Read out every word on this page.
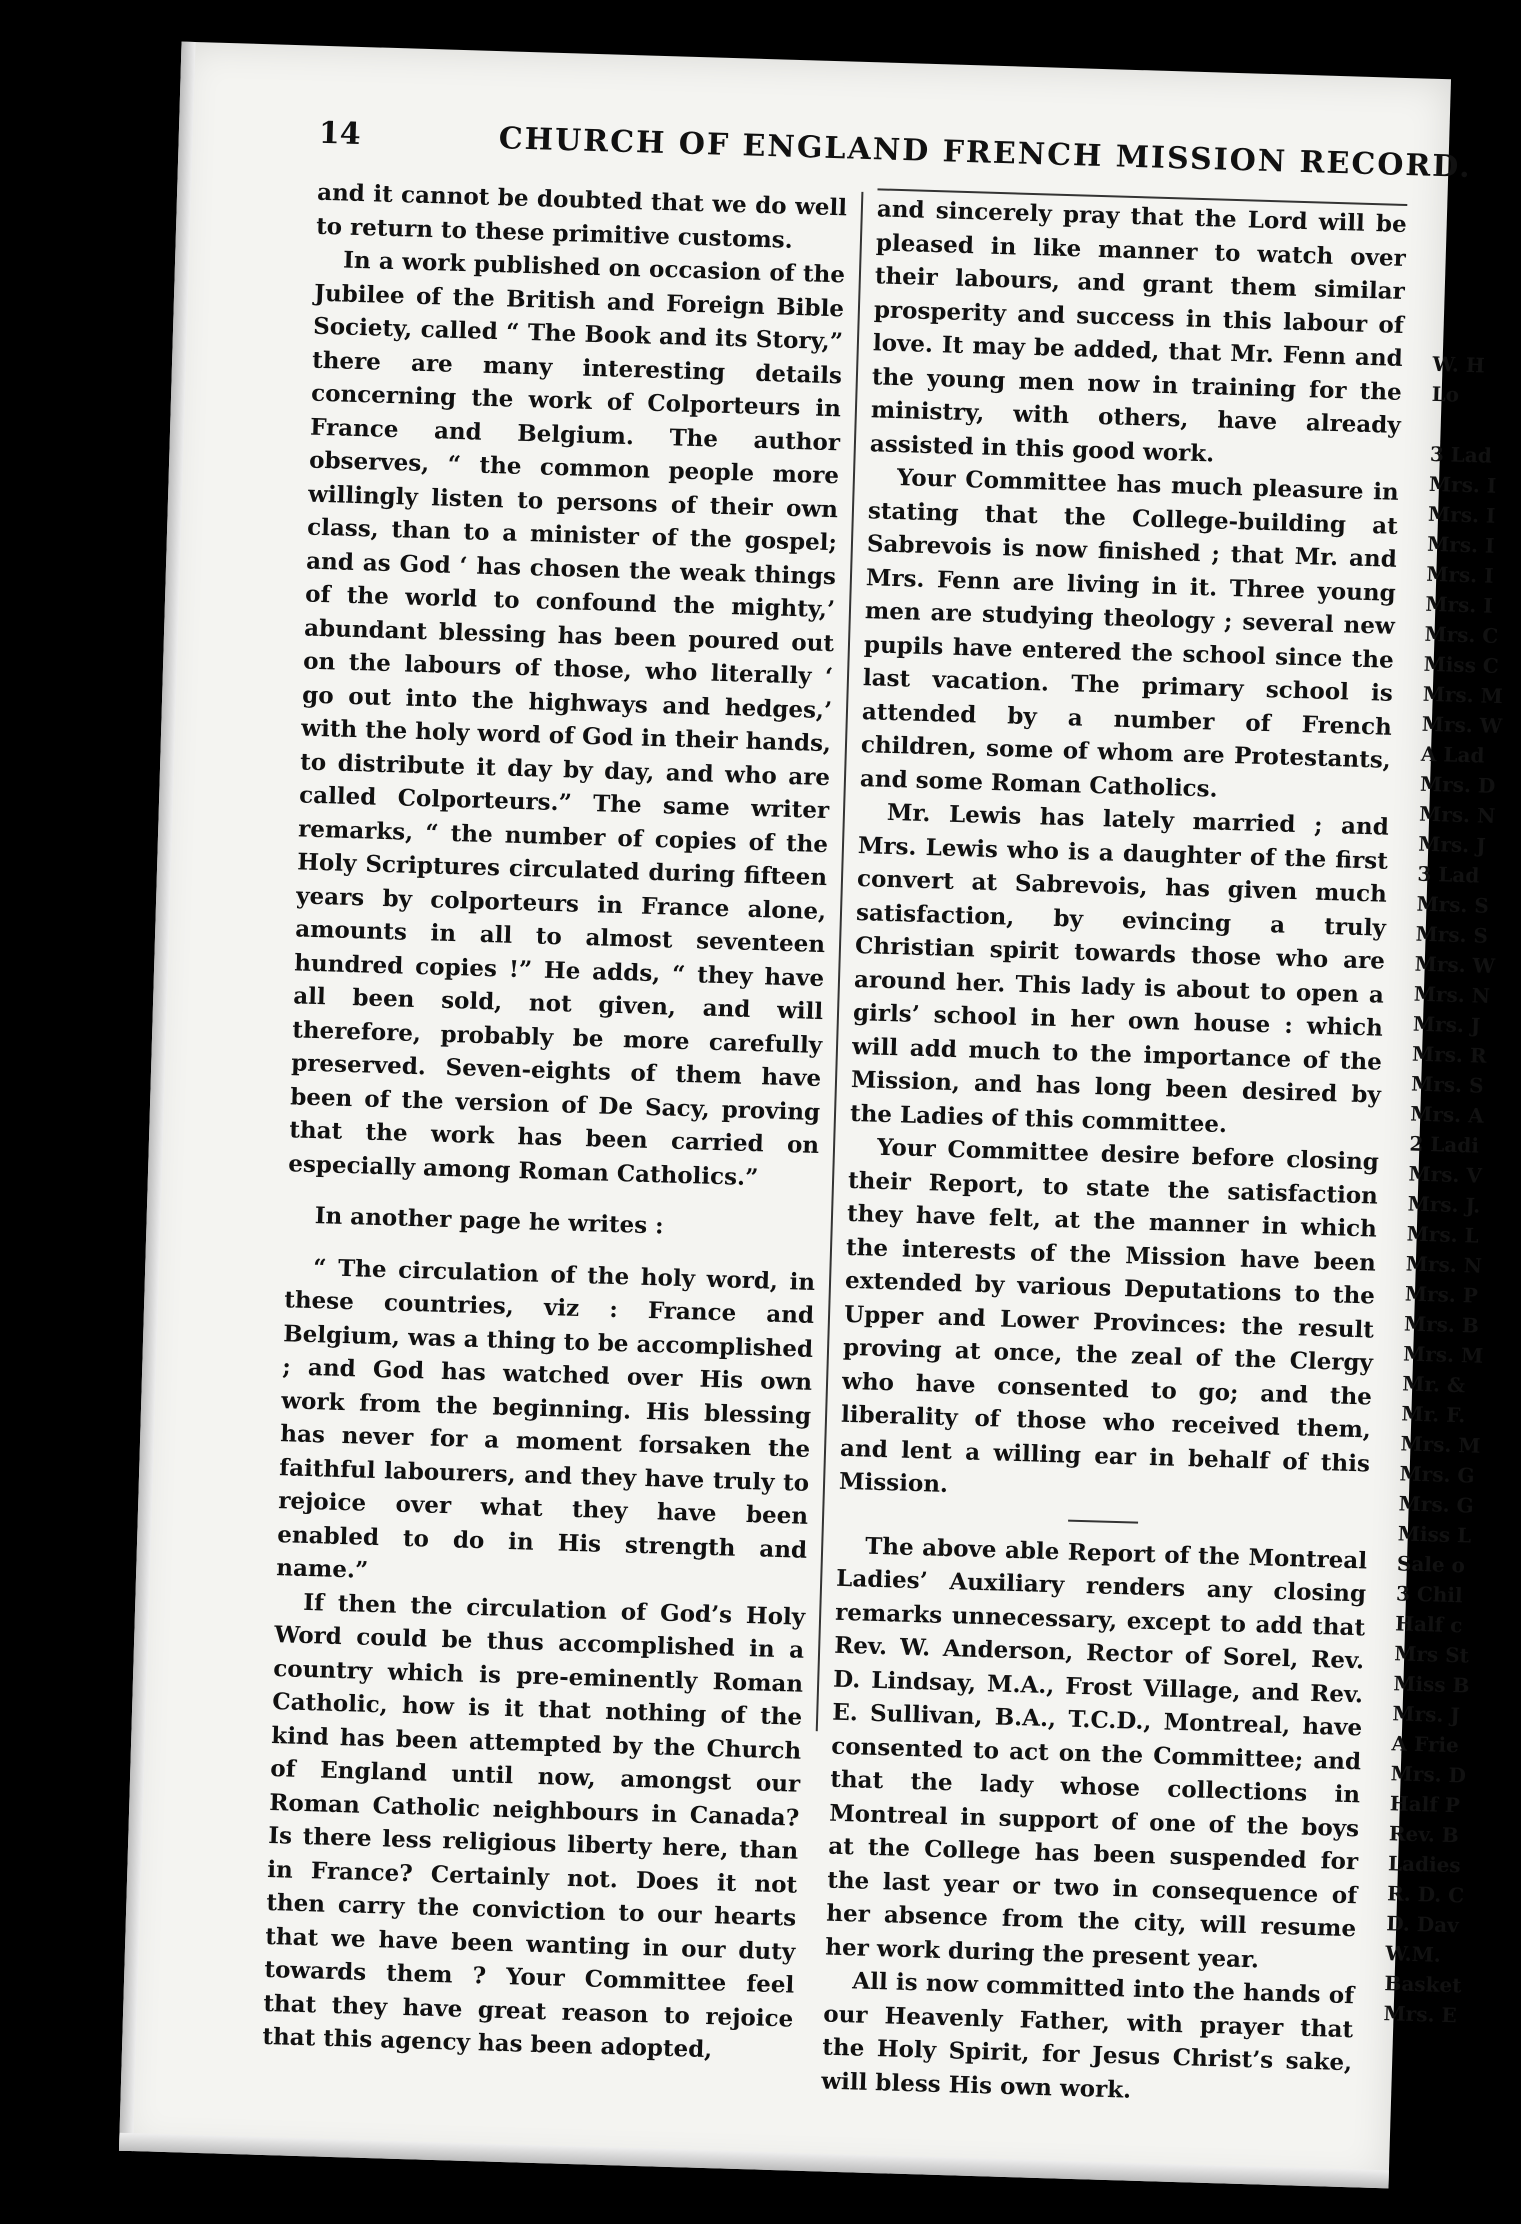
14	CHURCH OF ENGLAND FRENCH MISSION RECORD.

and it cannot be doubted that we do well to return to these primitive customs.

In a work published on occasion of the Jubilee of the British and Foreign Bible Society, called “ The Book and its Story,” there are many interesting details concerning the work of Colporteurs in France and Belgium. The author observes, “ the common people more willingly listen to persons of their own class, than to a minister of the gospel; and as God ‘ has chosen the weak things of the world to confound the mighty,’ abundant blessing has been poured out on the labours of those, who literally ‘ go out into the highways and hedges,’ with the holy word of God in their hands, to distribute it day by day, and who are called Colporteurs.” The same writer remarks, “ the number of copies of the Holy Scriptures circulated during fifteen years by colporteurs in France alone, amounts in all to almost seventeen hundred copies !” He adds, “ they have all been sold, not given, and will therefore, probably be more carefully preserved. Seven-eights of them have been of the version of De Sacy, proving that the work has been carried on especially among Roman Catholics.”

In another page he writes :

“ The circulation of the holy word, in these countries, viz : France and Belgium, was a thing to be accomplished ; and God has watched over His own work from the beginning. His blessing has never for a moment forsaken the faithful labourers, and they have truly to rejoice over what they have been enabled to do in His strength and name.”

If then the circulation of God’s Holy Word could be thus accomplished in a country which is pre-eminently Roman Catholic, how is it that nothing of the kind has been attempted by the Church of England until now, amongst our Roman Catholic neighbours in Canada? Is there less religious liberty here, than in France? Certainly not. Does it not then carry the conviction to our hearts that we have been wanting in our duty towards them ? Your Committee feel that they have great reason to rejoice that this agency has been adopted,

and sincerely pray that the Lord will be pleased in like manner to watch over their labours, and grant them similar prosperity and success in this labour of love. It may be added, that Mr. Fenn and the young men now in training for the ministry, with others, have already assisted in this good work.

Your Committee has much pleasure in stating that the College-building at Sabrevois is now finished ; that Mr. and Mrs. Fenn are living in it. Three young men are studying theology ; several new pupils have entered the school since the last vacation. The primary school is attended by a number of French children, some of whom are Protestants, and some Roman Catholics.

Mr. Lewis has lately married ; and Mrs. Lewis who is a daughter of the first convert at Sabrevois, has given much satisfaction, by evincing a truly Christian spirit towards those who are around her. This lady is about to open a girls’ school in her own house : which will add much to the importance of the Mission, and has long been desired by the Ladies of this committee.

Your Committee desire before closing their Report, to state the satisfaction they have felt, at the manner in which the interests of the Mission have been extended by various Deputations to the Upper and Lower Provinces: the result proving at once, the zeal of the Clergy who have consented to go; and the liberality of those who received them, and lent a willing ear in behalf of this Mission.

The above able Report of the Montreal Ladies’ Auxiliary renders any closing remarks unnecessary, except to add that Rev. W. Anderson, Rector of Sorel, Rev. D. Lindsay, M.A., Frost Village, and Rev. E. Sullivan, B.A., T.C.D., Montreal, have consented to act on the Committee; and that the lady whose collections in Montreal in support of one of the boys at the College has been suspended for the last year or two in consequence of her absence from the city, will resume her work during the present year.

All is now committed into the hands of our Heavenly Father, with prayer that the Holy Spirit, for Jesus Christ’s sake, will bless His own work.

W. H
Lo
3 Lad
Mrs. I
Mrs. I
Mrs. I
Mrs. I
Mrs. I
Mrs. C
Miss C
Mrs. M
Mrs. W
A Lad
Mrs. D
Mrs. N
Mrs. J
3 Lad
Mrs. S
Mrs. S
Mrs. W
Mrs. N
Mrs. J
Mrs. R
Mrs. S
Mrs. A
2 Ladi
Mrs. V
Mrs. J.
Mrs. L
Mrs. N
Mrs. P
Mrs. B
Mrs. M
Mr. &
Mr. F.
Mrs. M
Mrs. G
Mrs. G
Miss L
Sale o
3 Chil
Half c
Mrs St
Miss B
Mrs. J
A Frie
Mrs. D
Half P
Rev. B
Ladies
R. D. C
D. Dav
W.M.
Basket
Mrs. E
